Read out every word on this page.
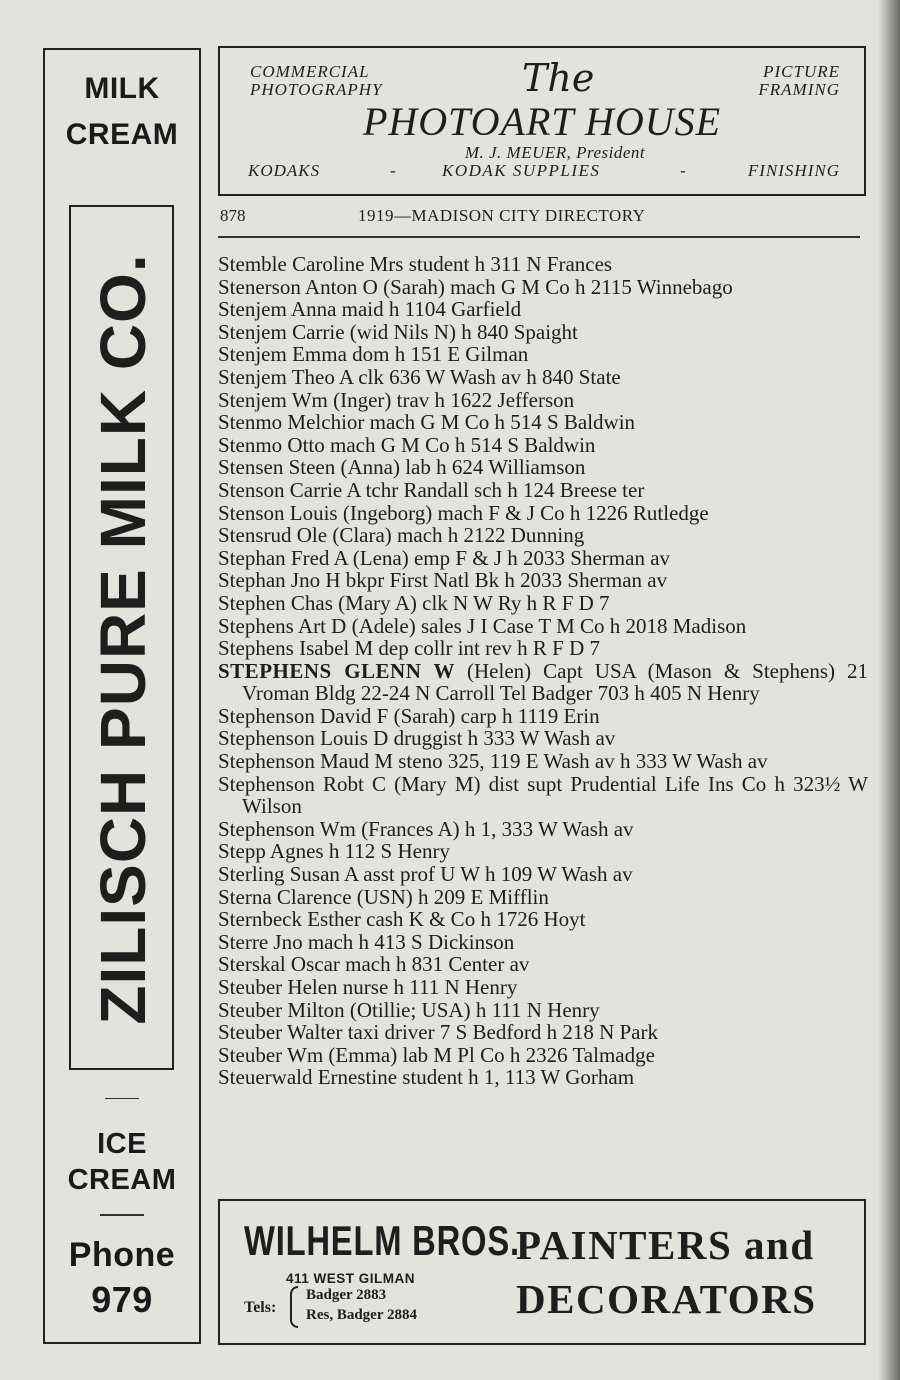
MILK
CREAM
ZILISCH PURE MILK CO.
ICE
CREAM
Phone
979
COMMERCIAL
PHOTOGRAPHY	The	PICTURE
FRAMING
PHOTOART HOUSE
M. J. MEUER, President
KODAKS	-	KODAK SUPPLIES	-	FINISHING
878	1919—MADISON CITY DIRECTORY
Stemble Caroline Mrs student h 311 N Frances
Stenerson Anton O (Sarah) mach G M Co h 2115 Winnebago
Stenjem Anna maid h 1104 Garfield
Stenjem Carrie (wid Nils N) h 840 Spaight
Stenjem Emma dom h 151 E Gilman
Stenjem Theo A clk 636 W Wash av h 840 State
Stenjem Wm (Inger) trav h 1622 Jefferson
Stenmo Melchior mach G M Co h 514 S Baldwin
Stenmo Otto mach G M Co h 514 S Baldwin
Stensen Steen (Anna) lab h 624 Williamson
Stenson Carrie A tchr Randall sch h 124 Breese ter
Stenson Louis (Ingeborg) mach F & J Co h 1226 Rutledge
Stensrud Ole (Clara) mach h 2122 Dunning
Stephan Fred A (Lena) emp F & J h 2033 Sherman av
Stephan Jno H bkpr First Natl Bk h 2033 Sherman av
Stephen Chas (Mary A) clk N W Ry h R F D 7
Stephens Art D (Adele) sales J I Case T M Co h 2018 Madison
Stephens Isabel M dep collr int rev h R F D 7
STEPHENS GLENN W (Helen) Capt USA (Mason & Stephens) 21 Vroman Bldg 22-24 N Carroll Tel Badger 703 h 405 N Henry
Stephenson David F (Sarah) carp h 1119 Erin
Stephenson Louis D druggist h 333 W Wash av
Stephenson Maud M steno 325, 119 E Wash av h 333 W Wash av
Stephenson Robt C (Mary M) dist supt Prudential Life Ins Co h 323½ W Wilson
Stephenson Wm (Frances A) h 1, 333 W Wash av
Stepp Agnes h 112 S Henry
Sterling Susan A asst prof U W h 109 W Wash av
Sterna Clarence (USN) h 209 E Mifflin
Sternbeck Esther cash K & Co h 1726 Hoyt
Sterre Jno mach h 413 S Dickinson
Sterskal Oscar mach h 831 Center av
Steuber Helen nurse h 111 N Henry
Steuber Milton (Otillie; USA) h 111 N Henry
Steuber Walter taxi driver 7 S Bedford h 218 N Park
Steuber Wm (Emma) lab M Pl Co h 2326 Talmadge
Steuerwald Ernestine student h 1, 113 W Gorham
WILHELM BROS.
411 WEST GILMAN
Tels:
Badger 2883
Res, Badger 2884
PAINTERS and
DECORATORS
